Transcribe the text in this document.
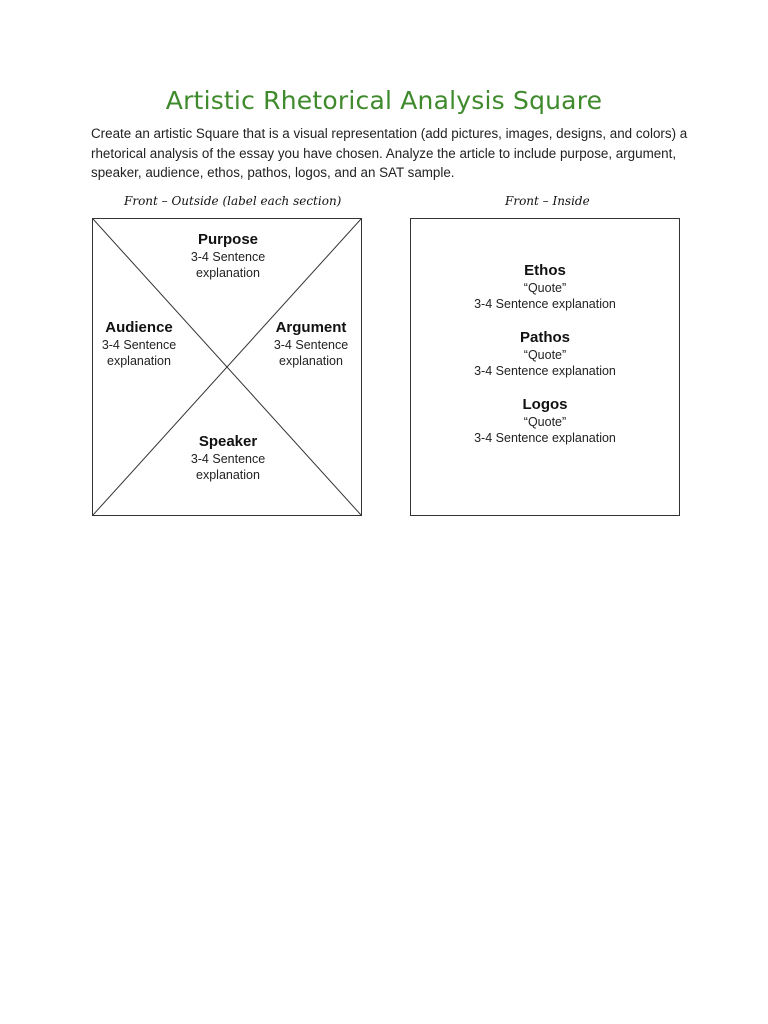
Artistic Rhetorical Analysis Square
Create an artistic Square that is a visual representation (add pictures, images, designs, and colors) a rhetorical analysis of the essay you have chosen. Analyze the article to include purpose, argument, speaker, audience, ethos, pathos, logos, and an SAT sample.
Front – Outside (label each section)	Front – Inside
Purpose
3-4 Sentence
explanation
Audience
3-4 Sentence
explanation
Argument
3-4 Sentence
explanation
Speaker
3-4 Sentence
explanation
Ethos
“Quote”
3-4 Sentence explanation
Pathos
“Quote”
3-4 Sentence explanation
Logos
“Quote”
3-4 Sentence explanation
